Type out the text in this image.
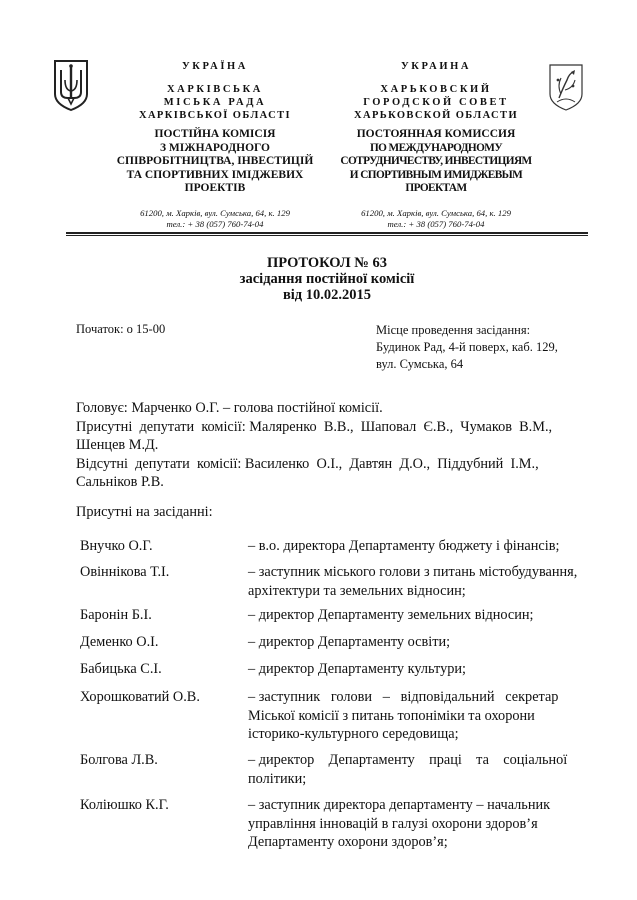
УКРАЇНА
ХАРКІВСЬКА
МІСЬКА РАДА
ХАРКІВСЬКОЇ ОБЛАСТІ
ПОСТІЙНА КОМІСІЯ
З МІЖНАРОДНОГО
СПІВРОБІТНИЦТВА, ІНВЕСТИЦІЙ
ТА СПОРТИВНИХ ІМІДЖЕВИХ
ПРОЕКТІВ
61200, м. Харків, вул. Сумська, 64, к. 129
тел.: + 38 (057) 760-74-04
УКРАИНА
ХАРЬКОВСКИЙ
ГОРОДСКОЙ СОВЕТ
ХАРЬКОВСКОЙ ОБЛАСТИ
ПОСТОЯННАЯ КОМИССИЯ
ПО МЕЖДУНАРОДНОМУ
СОТРУДНИЧЕСТВУ, ИНВЕСТИЦИЯМ
И СПОРТИВНЫМ ИМИДЖЕВЫМ
ПРОЕКТАМ
61200, м. Харків, вул. Сумська, 64, к. 129
тел.: + 38 (057) 760-74-04
ПРОТОКОЛ № 63
засідання постійної комісії
від 10.02.2015
Початок: о 15-00	Місце проведення засідання:
Будинок Рад, 4-й поверх, каб. 129,
вул. Сумська, 64
Головує: Марченко О.Г. – голова постійної комісії.
Присутні  депутати  комісії: Маляренко  В.В.,  Шаповал  Є.В.,  Чумаков  В.М.,
Шенцев М.Д.
Відсутні  депутати  комісії: Василенко  О.І.,  Давтян  Д.О.,  Піддубний  І.М.,
Сальніков Р.В.
Присутні на засіданні:
Внучко О.Г.	– в.о. директора Департаменту бюджету і фінансів;
Овіннікова Т.І.	– заступник міського голови з питань містобудування,
архітектури та земельних відносин;
Баронін Б.І.	– директор Департаменту земельних відносин;
Деменко О.І.	– директор Департаменту освіти;
Бабицька С.І.	– директор Департаменту культури;
Хорошковатий О.В.	– заступник   голови   –   відповідальний   секретар
Міської комісії з питань топоніміки та охорони
історико-культурного середовища;
Болгова Л.В.	– директор    Департаменту    праці    та    соціальної
політики;
Коліюшко К.Г.	– заступник директора департаменту – начальник
управління інновацій в галузі охорони здоров’я
Департаменту охорони здоров’я;
